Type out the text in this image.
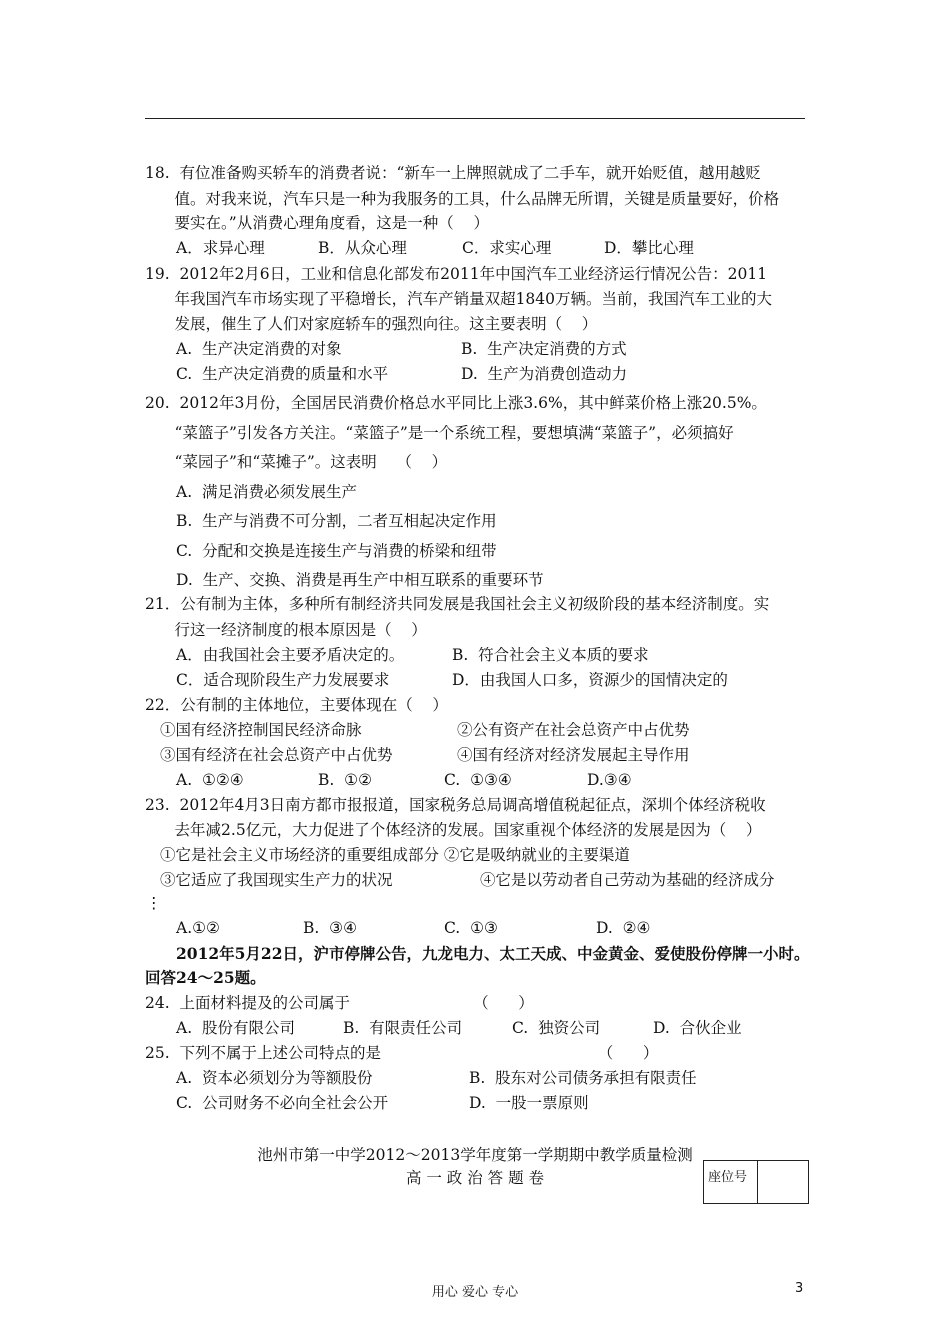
18.  有位准备购买轿车的消费者说：“新车一上牌照就成了二手车，就开始贬值，越用越贬
值。对我来说，汽车只是一种为我服务的工具，什么品牌无所谓，关键是质量要好，价格
要实在。”从消费心理角度看，这是一种（    ）
A．求异心理	B．从众心理	C．求实心理	D．攀比心理
19.  2012年2月6日，工业和信息化部发布2011年中国汽车工业经济运行情况公告：2011
年我国汽车市场实现了平稳增长，汽车产销量双超1840万辆。当前，我国汽车工业的大
发展，催生了人们对家庭轿车的强烈向往。这主要表明（    ）
A.  生产决定消费的对象	B.  生产决定消费的方式
C.  生产决定消费的质量和水平	D.  生产为消费创造动力
20.  2012年3月份，全国居民消费价格总水平同比上涨3.6%，其中鲜菜价格上涨20.5%。
“菜篮子”引发各方关注。“菜篮子”是一个系统工程，要想填满“菜篮子”，必须搞好
“菜园子”和“菜摊子”。这表明    （    ）
A.  满足消费必须发展生产
B.  生产与消费不可分割，二者互相起决定作用
C.  分配和交换是连接生产与消费的桥梁和纽带
D.  生产、交换、消费是再生产中相互联系的重要环节
21．公有制为主体，多种所有制经济共同发展是我国社会主义初级阶段的基本经济制度。实
行这一经济制度的根本原因是（    ）
A．由我国社会主要矛盾决定的。	B.  符合社会主义本质的要求
C．适合现阶段生产力发展要求	D．由我国人口多，资源少的国情决定的
22．公有制的主体地位，主要体现在（    ）
①国有经济控制国民经济命脉	②公有资产在社会总资产中占优势
③国有经济在社会总资产中占优势	④国有经济对经济发展起主导作用
A.  ①②④	B.  ①②	C.  ①③④	D.③④
23.  2012年4月3日南方都市报报道，国家税务总局调高增值税起征点，深圳个体经济税收
去年减2.5亿元，大力促进了个体经济的发展。国家重视个体经济的发展是因为（    ）
①它是社会主义市场经济的重要组成部分 ②它是吸纳就业的主要渠道
③它适应了我国现实生产力的状况	④它是以劳动者自己劳动为基础的经济成分
⋮
A.①②	B.  ③④	C.  ①③	D.  ②④
2012年5月22日，沪市停牌公告，九龙电力、太工天成、中金黄金、爱使股份停牌一小时。
回答24～25题。
24.  上面材料提及的公司属于                         （      ）
A.  股份有限公司	B.  有限责任公司	C.  独资公司	D.  合伙企业
25.  下列不属于上述公司特点的是                                            （      ）
A.  资本必须划分为等额股份	B.  股东对公司债务承担有限责任
C.  公司财务不必向全社会公开	D.  一股一票原则
池州市第一中学2012～2013学年度第一学期期中教学质量检测
高 一 政 治 答 题 卷	座位号
用心 爱心 专心	3
